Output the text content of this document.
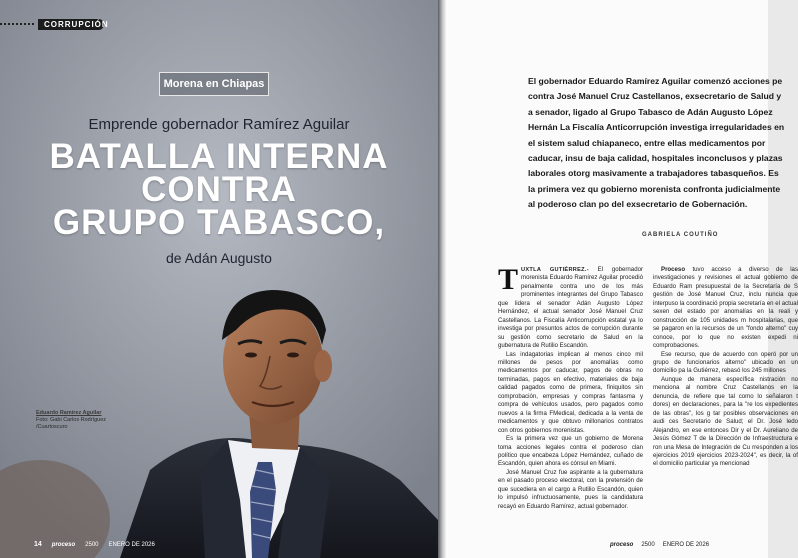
CORRUPCIÓN
Morena en Chiapas
Emprende gobernador Ramírez Aguilar
BATALLA INTERNA
CONTRA
GRUPO TABASCO,
de Adán Augusto
Eduardo Ramírez Aguilar
Foto: Gabi Carlos Rodríguez
/Cuartoscuro
14 proceso 2500 ENERO DE 2026
El gobernador Eduardo Ramírez Aguilar comenzó acciones pe contra José Manuel Cruz Castellanos, exsecretario de Salud y a senador, ligado al Grupo Tabasco de Adán Augusto López Hernán La Fiscalía Anticorrupción investiga irregularidades en el sistem salud chiapaneco, entre ellas medicamentos por caducar, insu de baja calidad, hospitales inconclusos y plazas laborales otorg masivamente a trabajadores tabasqueños. Es la primera vez qu gobierno morenista confronta judicialmente al poderoso clan po del exsecretario de Gobernación.
GABRIELA COUTIÑO

TUXTLA GUTIÉRREZ.- El gobernador morenista Eduardo Ramírez Aguilar procedió penalmente contra uno de los más prominentes integrantes del Grupo Tabasco que lidera el senador Adán Augusto López Hernández, el actual senador José Manuel Cruz Castellanos. La Fiscalía Anticorrupción estatal ya lo investiga por presuntos actos de corrupción durante su gestión como secretario de Salud en la gubernatura de Rutilio Escandón.

Las indagatorias implican al menos cinco mil millones de pesos por anomalías como medicamentos por caducar, pagos de obras no terminadas, pagos en efectivo, materiales de baja calidad pagados como de primera, finiquitos sin comprobación, empresas y compras fantasma y compra de vehículos usados, pero pagados como nuevos a la firma FMedical, dedicada a la venta de medicamentos y que obtuvo millonarios contratos con otros gobiernos morenistas.

Es la primera vez que un gobierno de Morena toma acciones legales contra el poderoso clan político que encabeza López Hernández, cuñado de Escandón, quien ahora es cónsul en Miami.

José Manuel Cruz fue aspirante a la gubernatura en el pasado proceso electoral, con la pretensión de que sucediera en el cargo a Rutilio Escandón, quien lo impulsó infructuosamente, pues la candidatura recayó en Eduardo Ramírez, actual gobernador.

Proceso tuvo acceso a diverso de las investigaciones y revisiones el actual gobierno de Eduardo Ram presupuestal de la Secretaría de S gestión de José Manuel Cruz, inclu nuncia que interpuso la coordinació propia secretaría en el actual sexen del estado por anomalías en la reali y construcción de 105 unidades m hospitalarias, que se pagaron en la recursos de un "fondo alterno" cuy conoce, por lo que no existen expedi ni comprobaciones.

Ese recurso, que de acuerdo con operó por un grupo de funcionarios alterno" ubicado en un domicilio pa la Gutiérrez, rebasó los 245 millones

Aunque de manera específica nistración no menciona al nombre Cruz Castellanos en la denuncia, de refiere que tal como lo señalaron t dores) en declaraciones, para la "re los expedientes de las obras", los g tar posibles observaciones en audi ces Secretario de Salud; el Dr. José ledo Alejandro, en ese entonces Dir y el Dr. Aureliano de Jesús Gómez T de la Dirección de Infraestructura e ron una Mesa de Integración de Cu rresponden a los ejercicios 2019 ejercicios 2023-2024", es decir, la of el domicilio particular ya mencionad

proceso 2500 ENERO DE 2026
